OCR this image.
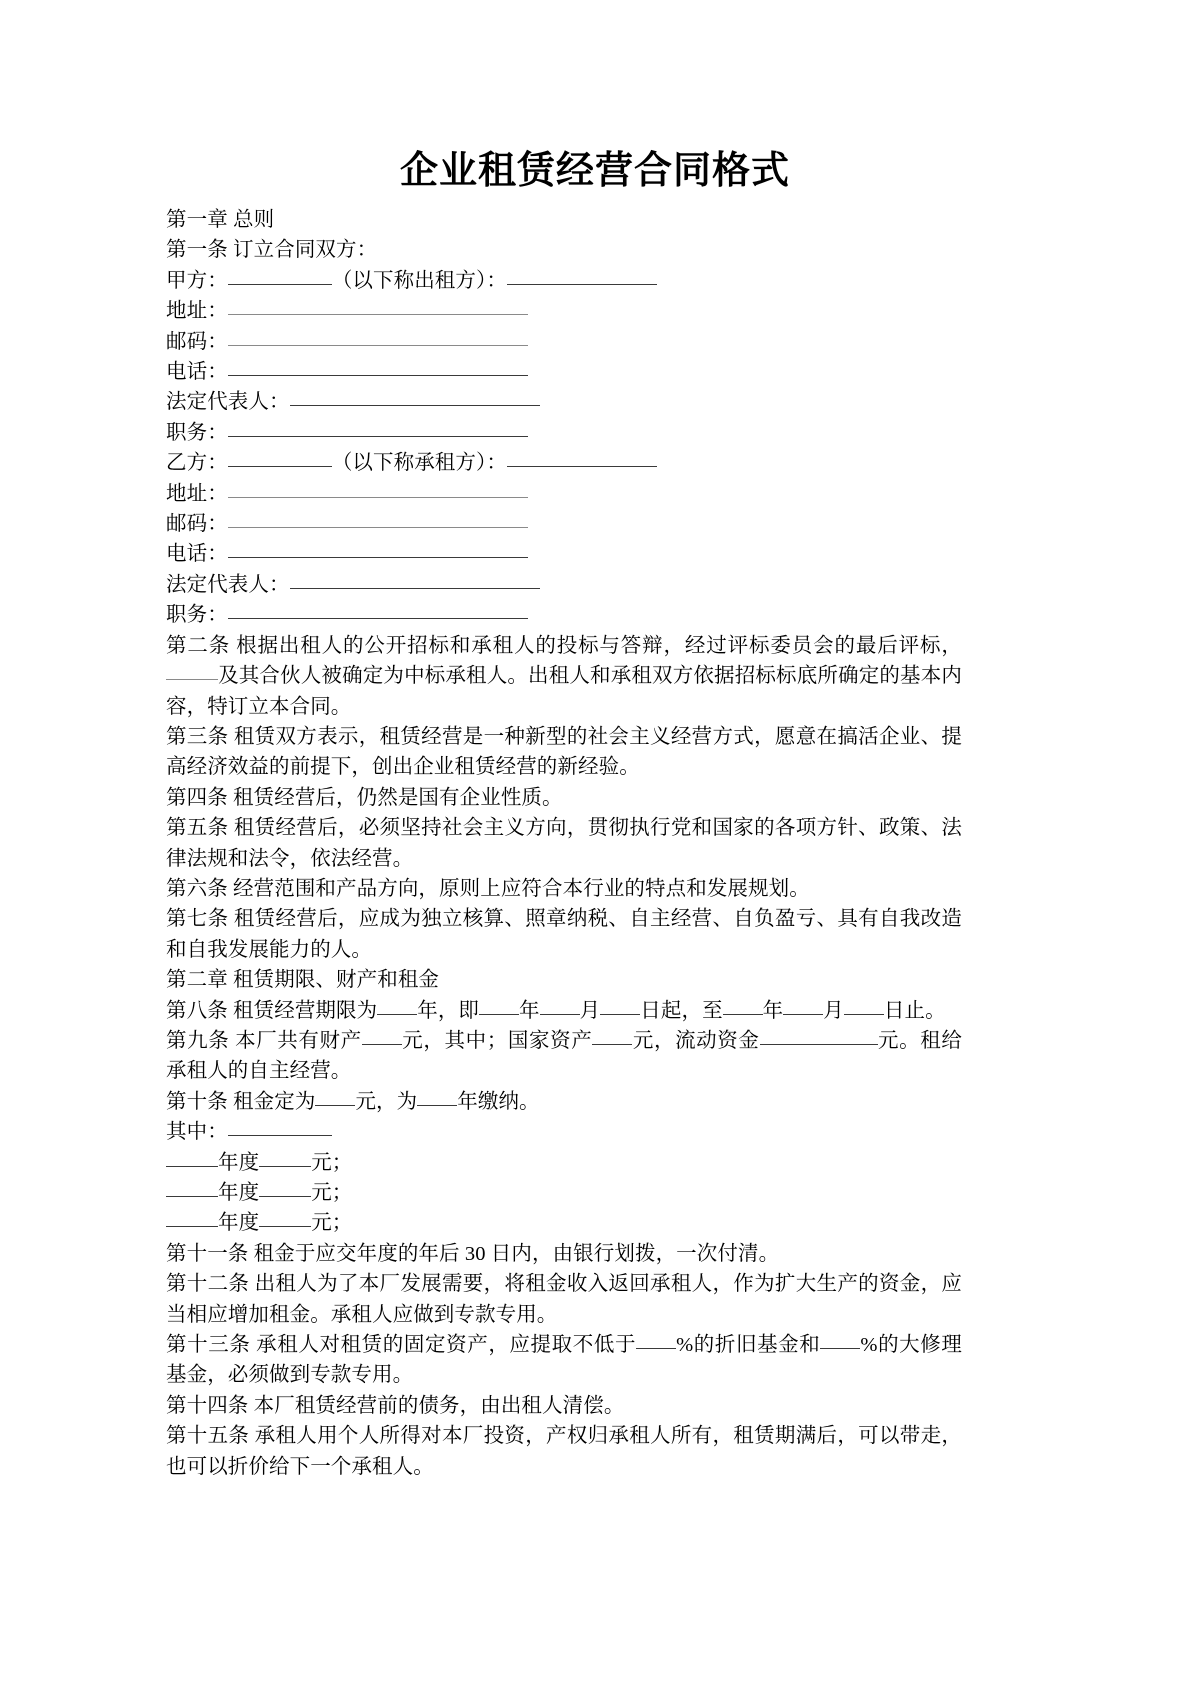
企业租赁经营合同格式
第一章 总则
第一条 订立合同双方：
甲方：	（以下称出租方）：
地址：
邮码：
电话：
法定代表人：
职务：
乙方：	（以下称承租方）：
地址：
邮码：
电话：
法定代表人：
职务：
第二条 根据出租人的公开招标和承租人的投标与答辩，经过评标委员会的最后评标，及其合伙人被确定为中标承租人。出租人和承租双方依据招标标底所确定的基本内容，特订立本合同。
第三条 租赁双方表示，租赁经营是一种新型的社会主义经营方式，愿意在搞活企业、提高经济效益的前提下，创出企业租赁经营的新经验。
第四条 租赁经营后，仍然是国有企业性质。
第五条 租赁经营后，必须坚持社会主义方向，贯彻执行党和国家的各项方针、政策、法律法规和法令，依法经营。
第六条 经营范围和产品方向，原则上应符合本行业的特点和发展规划。
第七条 租赁经营后，应成为独立核算、照章纳税、自主经营、自负盈亏、具有自我改造和自我发展能力的人。
第二章 租赁期限、财产和租金
第八条 租赁经营期限为 年，即 年 月 日起，至 年 月 日止。
第九条 本厂共有财产 元，其中；国家资产 元，流动资金	元。租给承租人的自主经营。
第十条 租金定为 元，为 年缴纳。
其中：
年度	元；
年度	元；
年度	元；
第十一条 租金于应交年度的年后 30 日内，由银行划拨，一次付清。
第十二条 出租人为了本厂发展需要，将租金收入返回承租人，作为扩大生产的资金，应当相应增加租金。承租人应做到专款专用。
第十三条 承租人对租赁的固定资产，应提取不低于 %的折旧基金和 %的大修理基金，必须做到专款专用。
第十四条 本厂租赁经营前的债务，由出租人清偿。
第十五条 承租人用个人所得对本厂投资，产权归承租人所有，租赁期满后，可以带走，也可以折价给下一个承租人。
